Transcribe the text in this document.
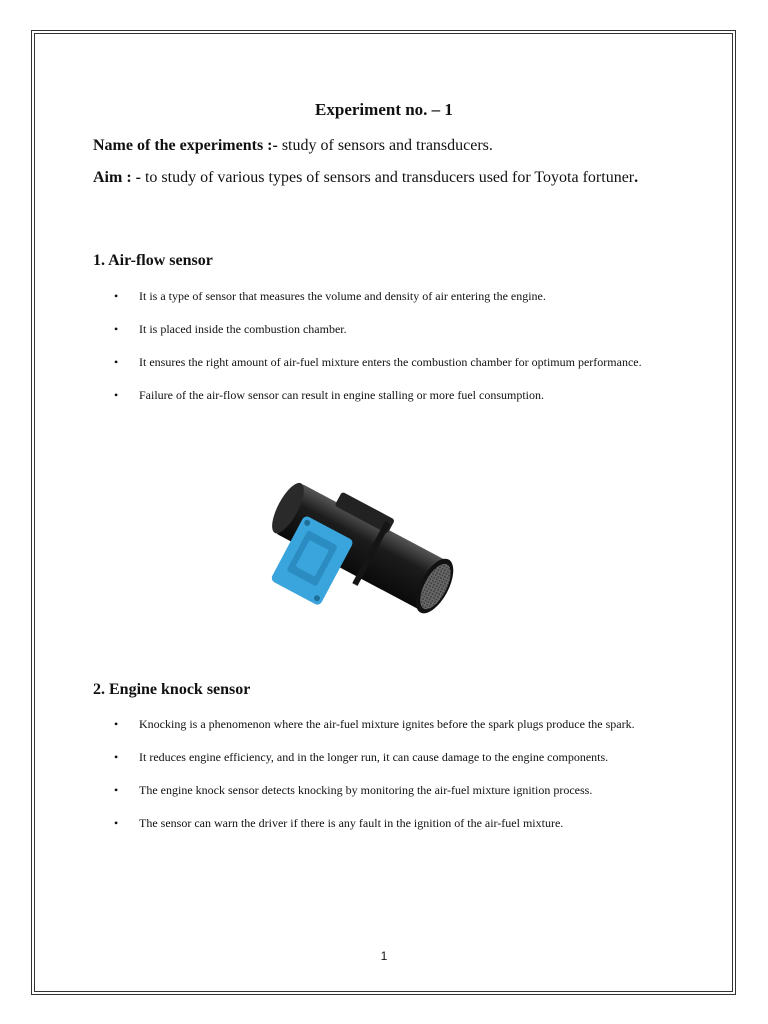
Experiment no. – 1
Name of the experiments :- study of sensors and transducers.
Aim : - to study of various types of sensors and transducers used for Toyota fortuner.
1. Air-flow sensor
• It is a type of sensor that measures the volume and density of air entering the engine.
• It is placed inside the combustion chamber.
• It ensures the right amount of air-fuel mixture enters the combustion chamber for optimum performance.
• Failure of the air-flow sensor can result in engine stalling or more fuel consumption.
2. Engine knock sensor
• Knocking is a phenomenon where the air-fuel mixture ignites before the spark plugs produce the spark.
• It reduces engine efficiency, and in the longer run, it can cause damage to the engine components.
• The engine knock sensor detects knocking by monitoring the air-fuel mixture ignition process.
• The sensor can warn the driver if there is any fault in the ignition of the air-fuel mixture.
1
